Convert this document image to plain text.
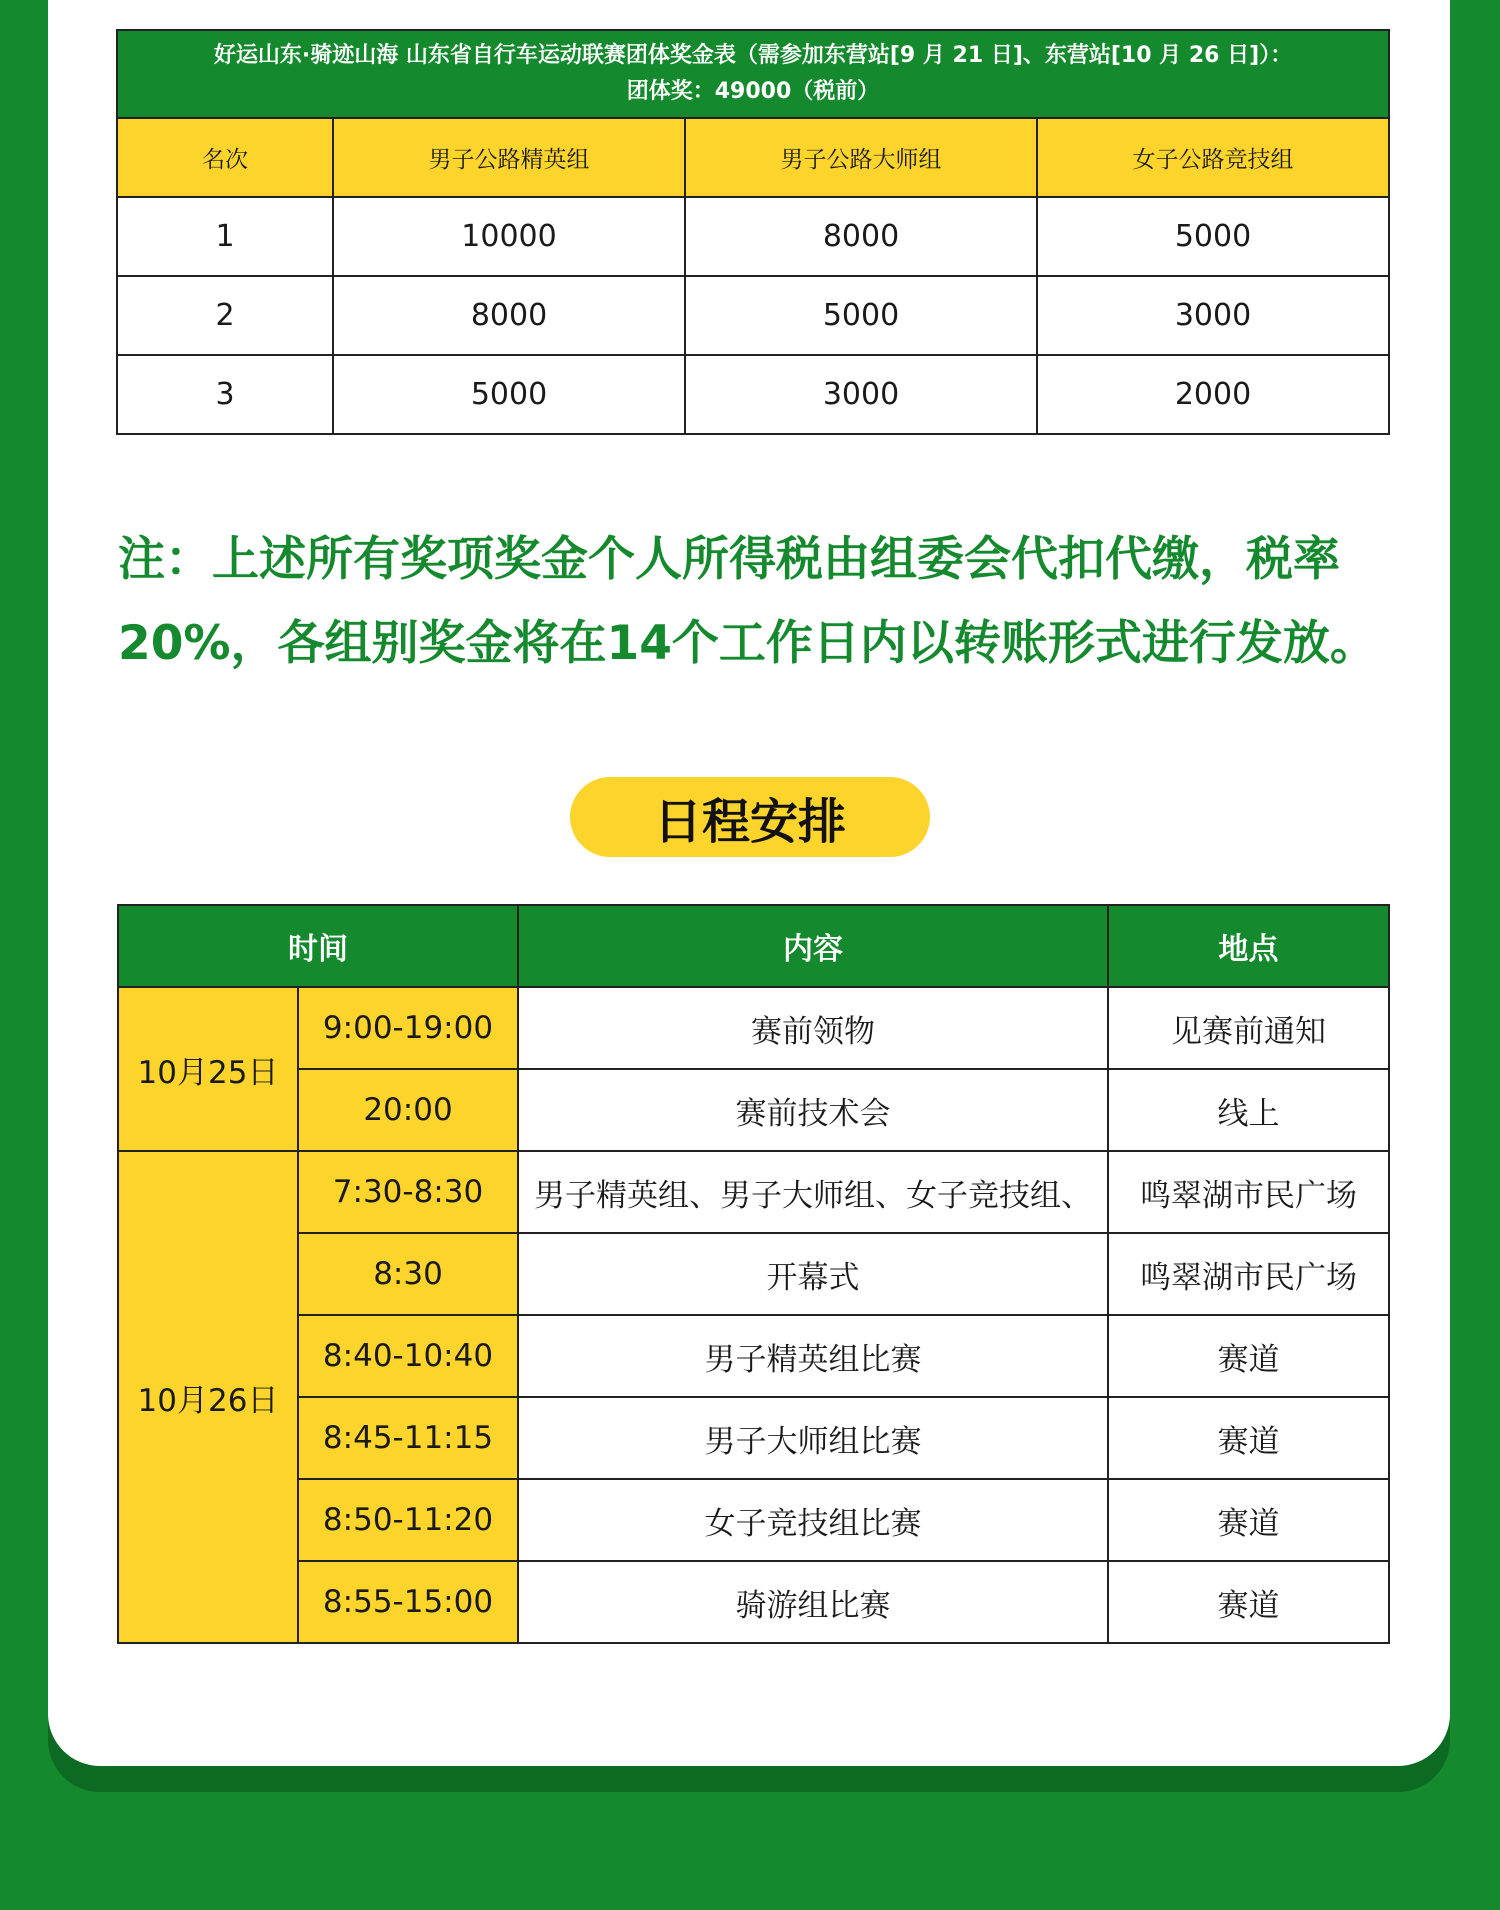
好运山东·骑迹山海 山东省自行车运动联赛团体奖金表（需参加东营站[9 月 21 日]、东营站[10 月 26 日]）：
团体奖：49000（税前）			

名次	男子公路精英组	男子公路大师组	女子公路竞技组
1	10000	8000	5000
2	8000	5000	3000
3	5000	3000	2000
注：上述所有奖项奖金个人所得税由组委会代扣代缴，税率
20%，各组别奖金将在14个工作日内以转账形式进行发放。
日程安排
时间		内容	地点
10月25日	9:00-19:00	赛前领物	见赛前通知
	20:00	赛前技术会	线上
10月26日	7:30-8:30	男子精英组、男子大师组、女子竞技组、	鸣翠湖市民广场
	8:30	开幕式	鸣翠湖市民广场
	8:40-10:40	男子精英组比赛	赛道
	8:45-11:15	男子大师组比赛	赛道
	8:50-11:20	女子竞技组比赛	赛道
	8:55-15:00	骑游组比赛	赛道
